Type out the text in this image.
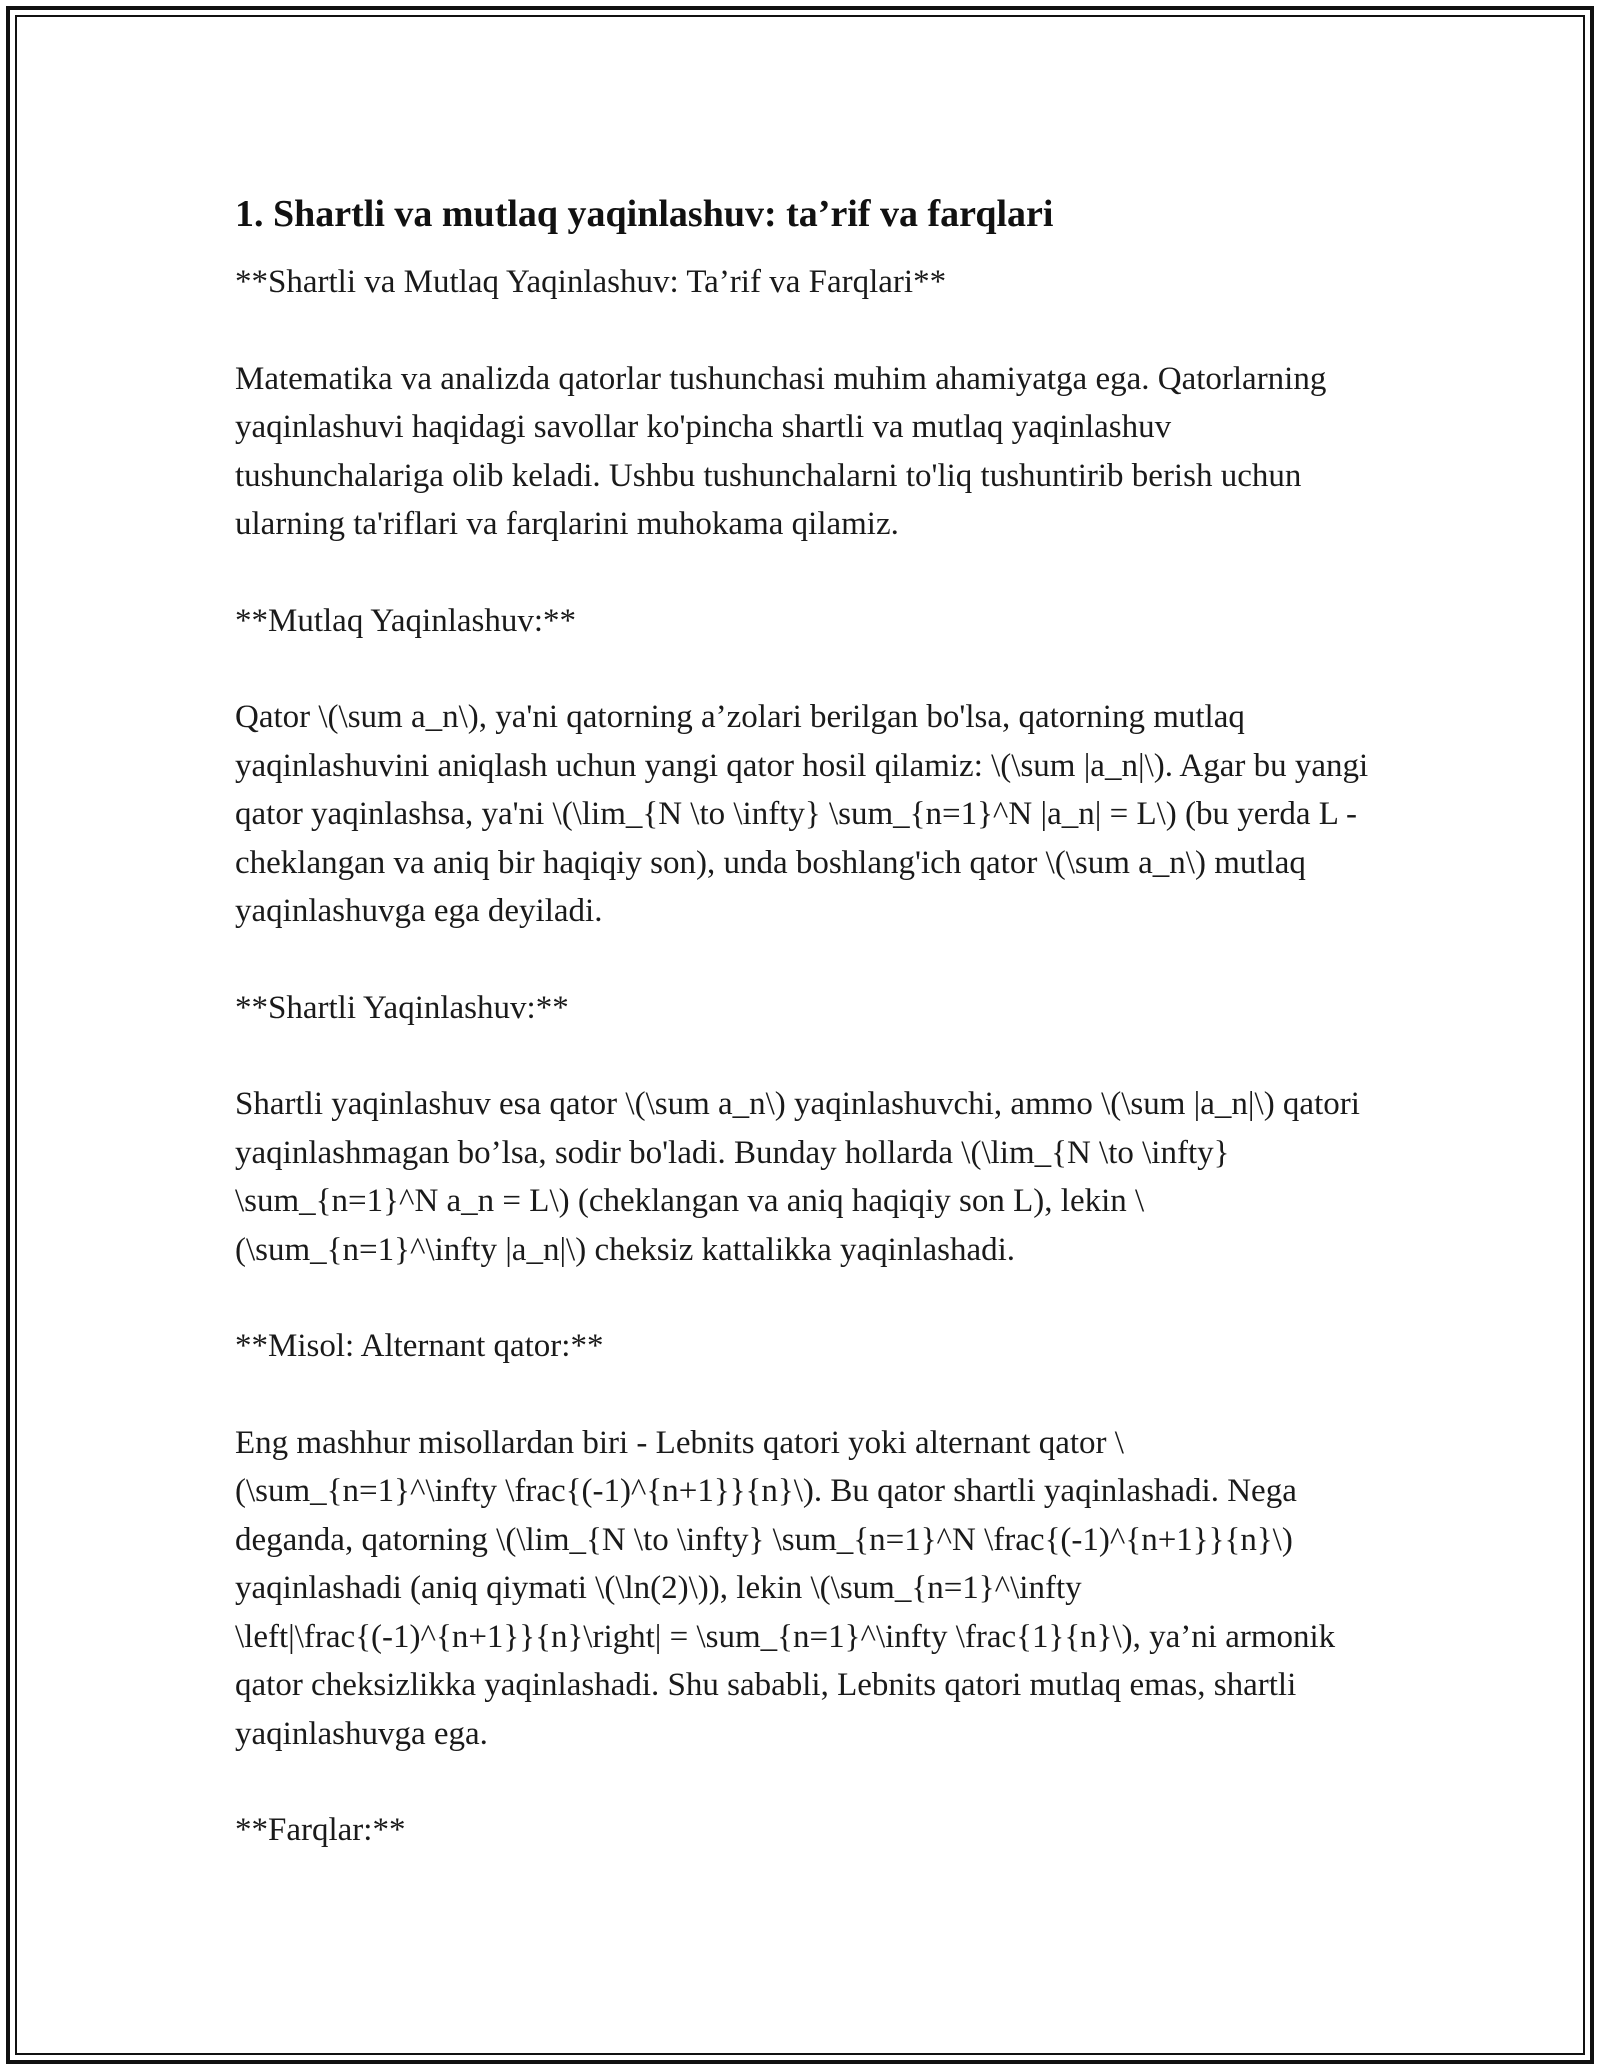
1. Shartli va mutlaq yaqinlashuv: ta’rif va farqlari

**Shartli va Mutlaq Yaqinlashuv: Ta’rif va Farqlari**

Matematika va analizda qatorlar tushunchasi muhim ahamiyatga ega. Qatorlarning yaqinlashuvi haqidagi savollar ko'pincha shartli va mutlaq yaqinlashuv tushunchalariga olib keladi. Ushbu tushunchalarni to'liq tushuntirib berish uchun ularning ta'riflari va farqlarini muhokama qilamiz.

**Mutlaq Yaqinlashuv:**

Qator \(\sum a_n\), ya'ni qatorning a’zolari berilgan bo'lsa, qatorning mutlaq yaqinlashuvini aniqlash uchun yangi qator hosil qilamiz: \(\sum |a_n|\). Agar bu yangi qator yaqinlashsa, ya'ni \(\lim_{N \to \infty} \sum_{n=1}^N |a_n| = L\) (bu yerda L - cheklangan va aniq bir haqiqiy son), unda boshlang'ich qator \(\sum a_n\) mutlaq yaqinlashuvga ega deyiladi.

**Shartli Yaqinlashuv:**

Shartli yaqinlashuv esa qator \(\sum a_n\) yaqinlashuvchi, ammo \(\sum |a_n|\) qatori yaqinlashmagan bo’lsa, sodir bo'ladi. Bunday hollarda \(\lim_{N \to \infty} \sum_{n=1}^N a_n = L\) (cheklangan va aniq haqiqiy son L), lekin \(\sum_{n=1}^\infty |a_n|\) cheksiz kattalikka yaqinlashadi.

**Misol: Alternant qator:**

Eng mashhur misollardan biri - Lebnits qatori yoki alternant qator \(\sum_{n=1}^\infty \frac{(-1)^{n+1}}{n}\). Bu qator shartli yaqinlashadi. Nega deganda, qatorning \(\lim_{N \to \infty} \sum_{n=1}^N \frac{(-1)^{n+1}}{n}\) yaqinlashadi (aniq qiymati \(\ln(2)\)), lekin \(\sum_{n=1}^\infty \left|\frac{(-1)^{n+1}}{n}\right| = \sum_{n=1}^\infty \frac{1}{n}\), ya’ni armonik qator cheksizlikka yaqinlashadi. Shu sababli, Lebnits qatori mutlaq emas, shartli yaqinlashuvga ega.

**Farqlar:**
